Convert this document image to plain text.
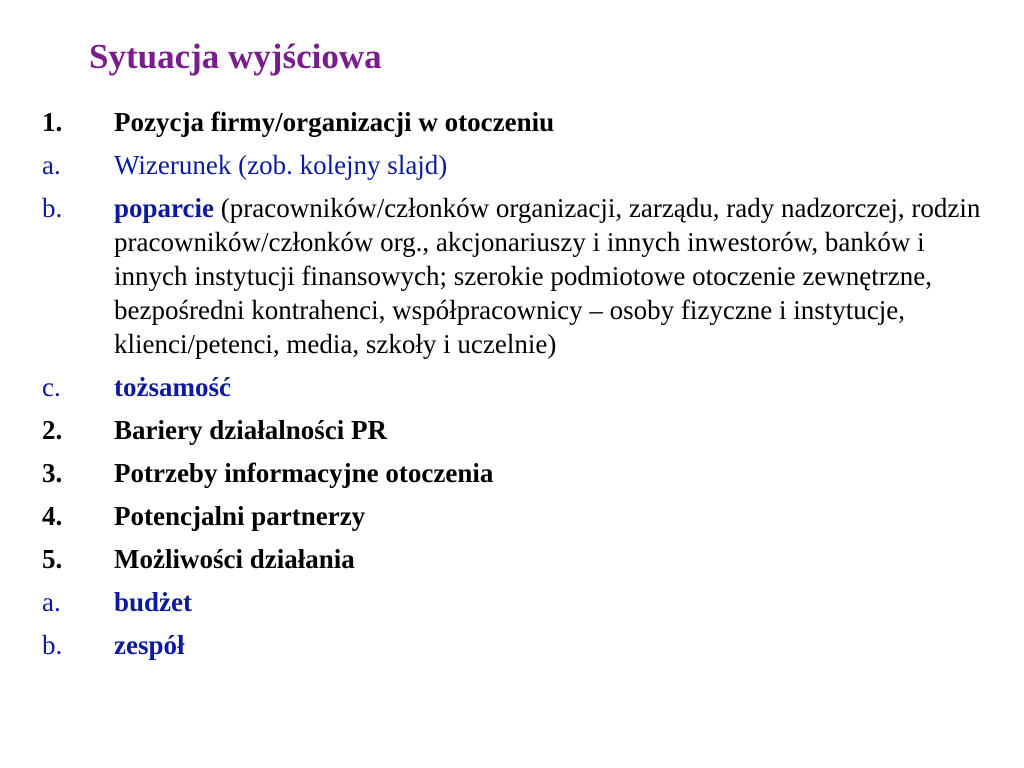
Sytuacja wyjściowa
1.	Pozycja firmy/organizacji w otoczeniu
a.	Wizerunek (zob. kolejny slajd)
b.	poparcie (pracowników/członków organizacji, zarządu, rady nadzorczej, rodzin pracowników/członków org., akcjonariuszy i innych inwestorów, banków i innych instytucji finansowych; szerokie podmiotowe otoczenie zewnętrzne, bezpośredni kontrahenci, współpracownicy – osoby fizyczne i instytucje, klienci/petenci, media, szkoły i uczelnie)
c.	tożsamość
2.	Bariery działalności PR
3.	Potrzeby informacyjne otoczenia
4.	Potencjalni partnerzy
5.	Możliwości działania
a.	budżet
b.	zespół
